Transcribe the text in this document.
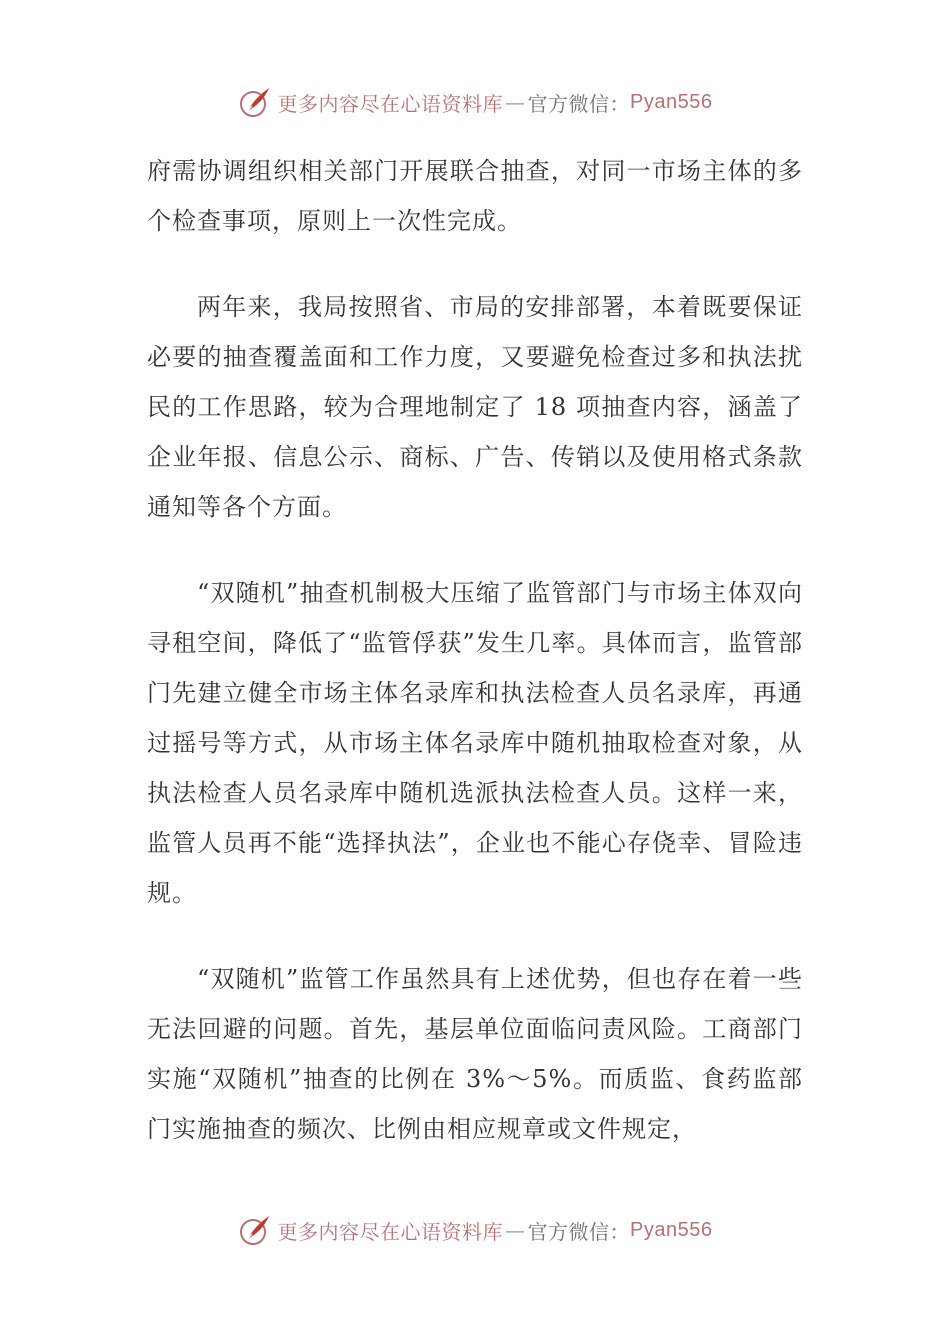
更多内容尽在心语资料库 — 官方微信： Pyan556

府需协调组织相关部门开展联合抽查，对同一市场主体的多个检查事项，原则上一次性完成。

两年来，我局按照省、市局的安排部署，本着既要保证必要的抽查覆盖面和工作力度，又要避免检查过多和执法扰民的工作思路，较为合理地制定了 18 项抽查内容，涵盖了企业年报、信息公示、商标、广告、传销以及使用格式条款通知等各个方面。

“双随机”抽查机制极大压缩了监管部门与市场主体双向寻租空间，降低了“监管俘获”发生几率。具体而言，监管部门先建立健全市场主体名录库和执法检查人员名录库，再通过摇号等方式，从市场主体名录库中随机抽取检查对象，从执法检查人员名录库中随机选派执法检查人员。这样一来，监管人员再不能“选择执法”，企业也不能心存侥幸、冒险违规。

“双随机”监管工作虽然具有上述优势，但也存在着一些无法回避的问题。首先，基层单位面临问责风险。工商部门实施“双随机”抽查的比例在 3%～5%。而质监、食药监部门实施抽查的频次、比例由相应规章或文件规定，

更多内容尽在心语资料库 — 官方微信： Pyan556
